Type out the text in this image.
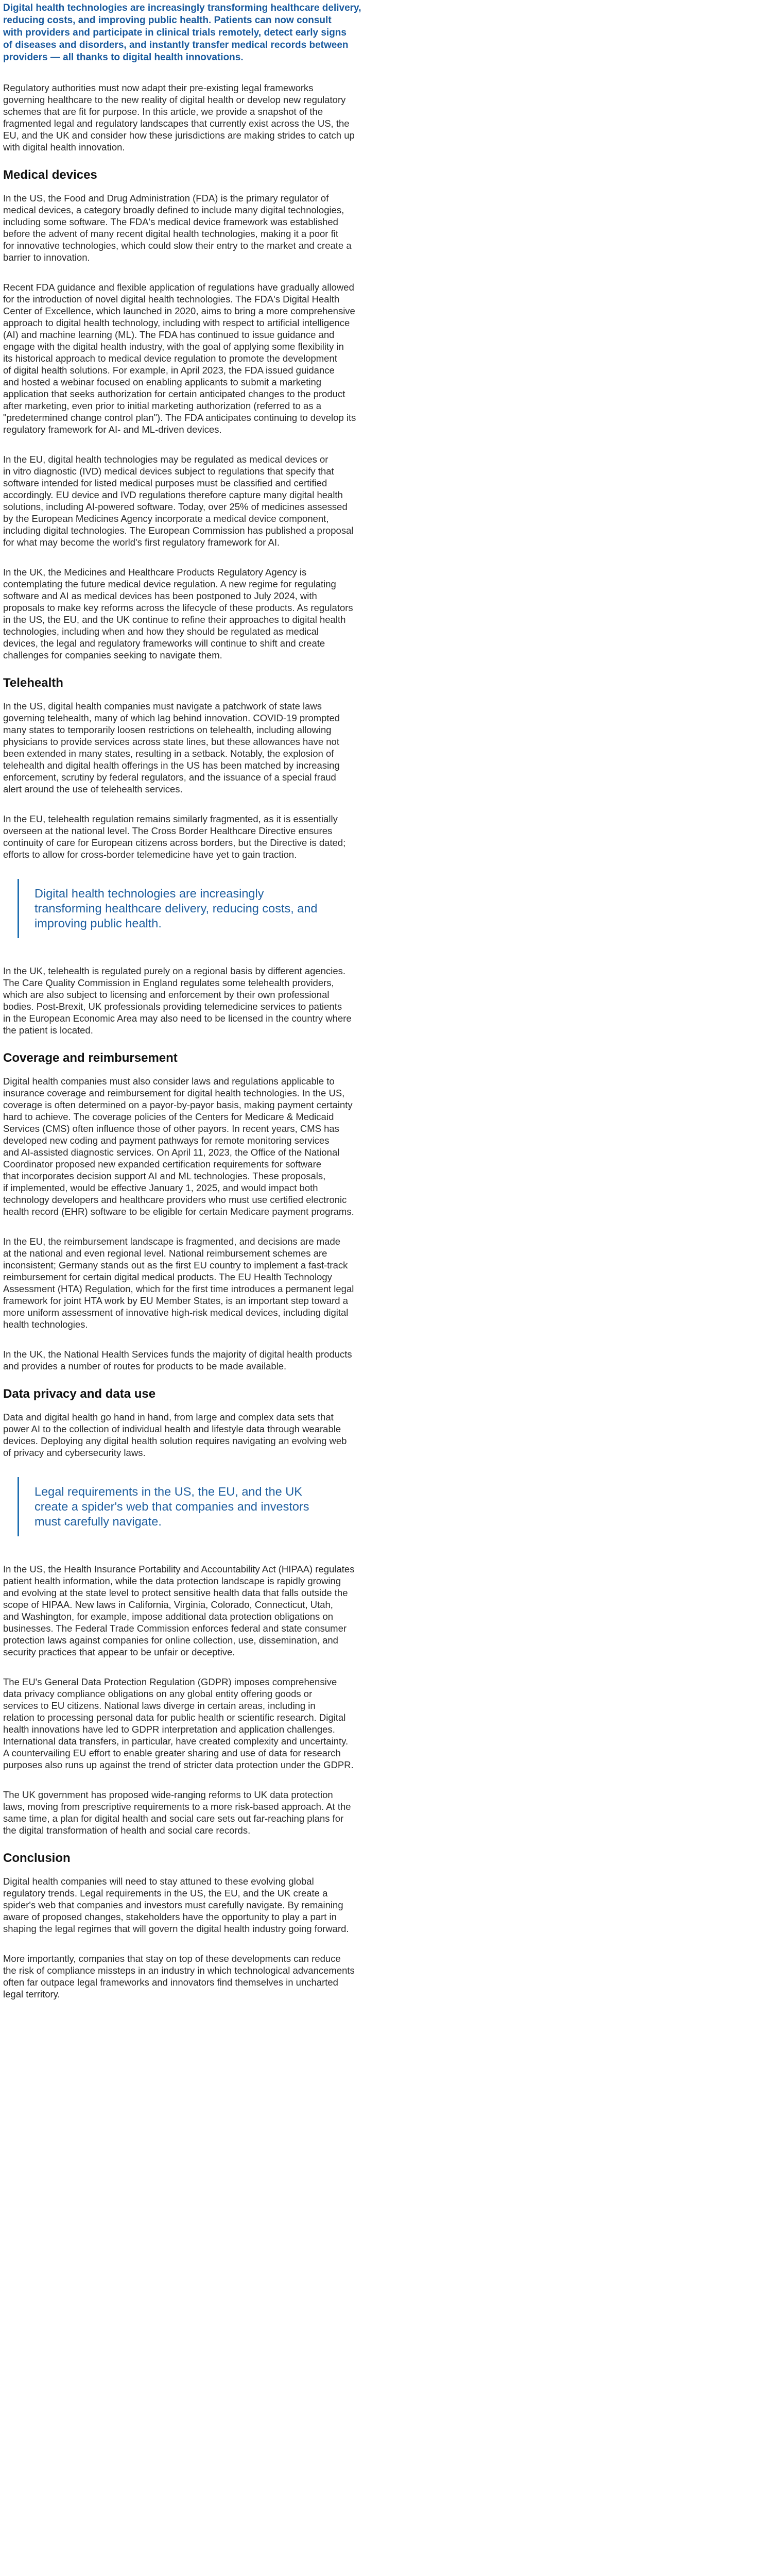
Digital health technologies are increasingly transforming healthcare delivery,
reducing costs, and improving public health. Patients can now consult
with providers and participate in clinical trials remotely, detect early signs
of diseases and disorders, and instantly transfer medical records between
providers — all thanks to digital health innovations.

Regulatory authorities must now adapt their pre-existing legal frameworks
governing healthcare to the new reality of digital health or develop new regulatory
schemes that are fit for purpose. In this article, we provide a snapshot of the
fragmented legal and regulatory landscapes that currently exist across the US, the
EU, and the UK and consider how these jurisdictions are making strides to catch up
with digital health innovation.

Medical devices

In the US, the Food and Drug Administration (FDA) is the primary regulator of
medical devices, a category broadly defined to include many digital technologies,
including some software. The FDA's medical device framework was established
before the advent of many recent digital health technologies, making it a poor fit
for innovative technologies, which could slow their entry to the market and create a
barrier to innovation.

Recent FDA guidance and flexible application of regulations have gradually allowed
for the introduction of novel digital health technologies. The FDA's Digital Health
Center of Excellence, which launched in 2020, aims to bring a more comprehensive
approach to digital health technology, including with respect to artificial intelligence
(AI) and machine learning (ML). The FDA has continued to issue guidance and
engage with the digital health industry, with the goal of applying some flexibility in
its historical approach to medical device regulation to promote the development
of digital health solutions. For example, in April 2023, the FDA issued guidance
and hosted a webinar focused on enabling applicants to submit a marketing
application that seeks authorization for certain anticipated changes to the product
after marketing, even prior to initial marketing authorization (referred to as a
"predetermined change control plan"). The FDA anticipates continuing to develop its
regulatory framework for AI- and ML-driven devices.

In the EU, digital health technologies may be regulated as medical devices or
in vitro diagnostic (IVD) medical devices subject to regulations that specify that
software intended for listed medical purposes must be classified and certified
accordingly. EU device and IVD regulations therefore capture many digital health
solutions, including AI-powered software. Today, over 25% of medicines assessed
by the European Medicines Agency incorporate a medical device component,
including digital technologies. The European Commission has published a proposal
for what may become the world's first regulatory framework for AI.

In the UK, the Medicines and Healthcare Products Regulatory Agency is
contemplating the future medical device regulation. A new regime for regulating
software and AI as medical devices has been postponed to July 2024, with
proposals to make key reforms across the lifecycle of these products. As regulators
in the US, the EU, and the UK continue to refine their approaches to digital health
technologies, including when and how they should be regulated as medical
devices, the legal and regulatory frameworks will continue to shift and create
challenges for companies seeking to navigate them.

Telehealth

In the US, digital health companies must navigate a patchwork of state laws
governing telehealth, many of which lag behind innovation. COVID-19 prompted
many states to temporarily loosen restrictions on telehealth, including allowing
physicians to provide services across state lines, but these allowances have not
been extended in many states, resulting in a setback. Notably, the explosion of
telehealth and digital health offerings in the US has been matched by increasing
enforcement, scrutiny by federal regulators, and the issuance of a special fraud
alert around the use of telehealth services.

In the EU, telehealth regulation remains similarly fragmented, as it is essentially
overseen at the national level. The Cross Border Healthcare Directive ensures
continuity of care for European citizens across borders, but the Directive is dated;
efforts to allow for cross-border telemedicine have yet to gain traction.

Digital health technologies are increasingly
transforming healthcare delivery, reducing costs, and
improving public health.

In the UK, telehealth is regulated purely on a regional basis by different agencies.
The Care Quality Commission in England regulates some telehealth providers,
which are also subject to licensing and enforcement by their own professional
bodies. Post-Brexit, UK professionals providing telemedicine services to patients
in the European Economic Area may also need to be licensed in the country where
the patient is located.

Coverage and reimbursement

Digital health companies must also consider laws and regulations applicable to
insurance coverage and reimbursement for digital health technologies. In the US,
coverage is often determined on a payor-by-payor basis, making payment certainty
hard to achieve. The coverage policies of the Centers for Medicare & Medicaid
Services (CMS) often influence those of other payors. In recent years, CMS has
developed new coding and payment pathways for remote monitoring services
and AI-assisted diagnostic services. On April 11, 2023, the Office of the National
Coordinator proposed new expanded certification requirements for software
that incorporates decision support AI and ML technologies. These proposals,
if implemented, would be effective January 1, 2025, and would impact both
technology developers and healthcare providers who must use certified electronic
health record (EHR) software to be eligible for certain Medicare payment programs.

In the EU, the reimbursement landscape is fragmented, and decisions are made
at the national and even regional level. National reimbursement schemes are
inconsistent; Germany stands out as the first EU country to implement a fast-track
reimbursement for certain digital medical products. The EU Health Technology
Assessment (HTA) Regulation, which for the first time introduces a permanent legal
framework for joint HTA work by EU Member States, is an important step toward a
more uniform assessment of innovative high-risk medical devices, including digital
health technologies.

In the UK, the National Health Services funds the majority of digital health products
and provides a number of routes for products to be made available.

Data privacy and data use

Data and digital health go hand in hand, from large and complex data sets that
power AI to the collection of individual health and lifestyle data through wearable
devices. Deploying any digital health solution requires navigating an evolving web
of privacy and cybersecurity laws.

Legal requirements in the US, the EU, and the UK
create a spider's web that companies and investors
must carefully navigate.

In the US, the Health Insurance Portability and Accountability Act (HIPAA) regulates
patient health information, while the data protection landscape is rapidly growing
and evolving at the state level to protect sensitive health data that falls outside the
scope of HIPAA. New laws in California, Virginia, Colorado, Connecticut, Utah,
and Washington, for example, impose additional data protection obligations on
businesses. The Federal Trade Commission enforces federal and state consumer
protection laws against companies for online collection, use, dissemination, and
security practices that appear to be unfair or deceptive.

The EU's General Data Protection Regulation (GDPR) imposes comprehensive
data privacy compliance obligations on any global entity offering goods or
services to EU citizens. National laws diverge in certain areas, including in
relation to processing personal data for public health or scientific research. Digital
health innovations have led to GDPR interpretation and application challenges.
International data transfers, in particular, have created complexity and uncertainty.
A countervailing EU effort to enable greater sharing and use of data for research
purposes also runs up against the trend of stricter data protection under the GDPR.

The UK government has proposed wide-ranging reforms to UK data protection
laws, moving from prescriptive requirements to a more risk-based approach. At the
same time, a plan for digital health and social care sets out far-reaching plans for
the digital transformation of health and social care records.

Conclusion

Digital health companies will need to stay attuned to these evolving global
regulatory trends. Legal requirements in the US, the EU, and the UK create a
spider's web that companies and investors must carefully navigate. By remaining
aware of proposed changes, stakeholders have the opportunity to play a part in
shaping the legal regimes that will govern the digital health industry going forward.

More importantly, companies that stay on top of these developments can reduce
the risk of compliance missteps in an industry in which technological advancements
often far outpace legal frameworks and innovators find themselves in uncharted
legal territory.
